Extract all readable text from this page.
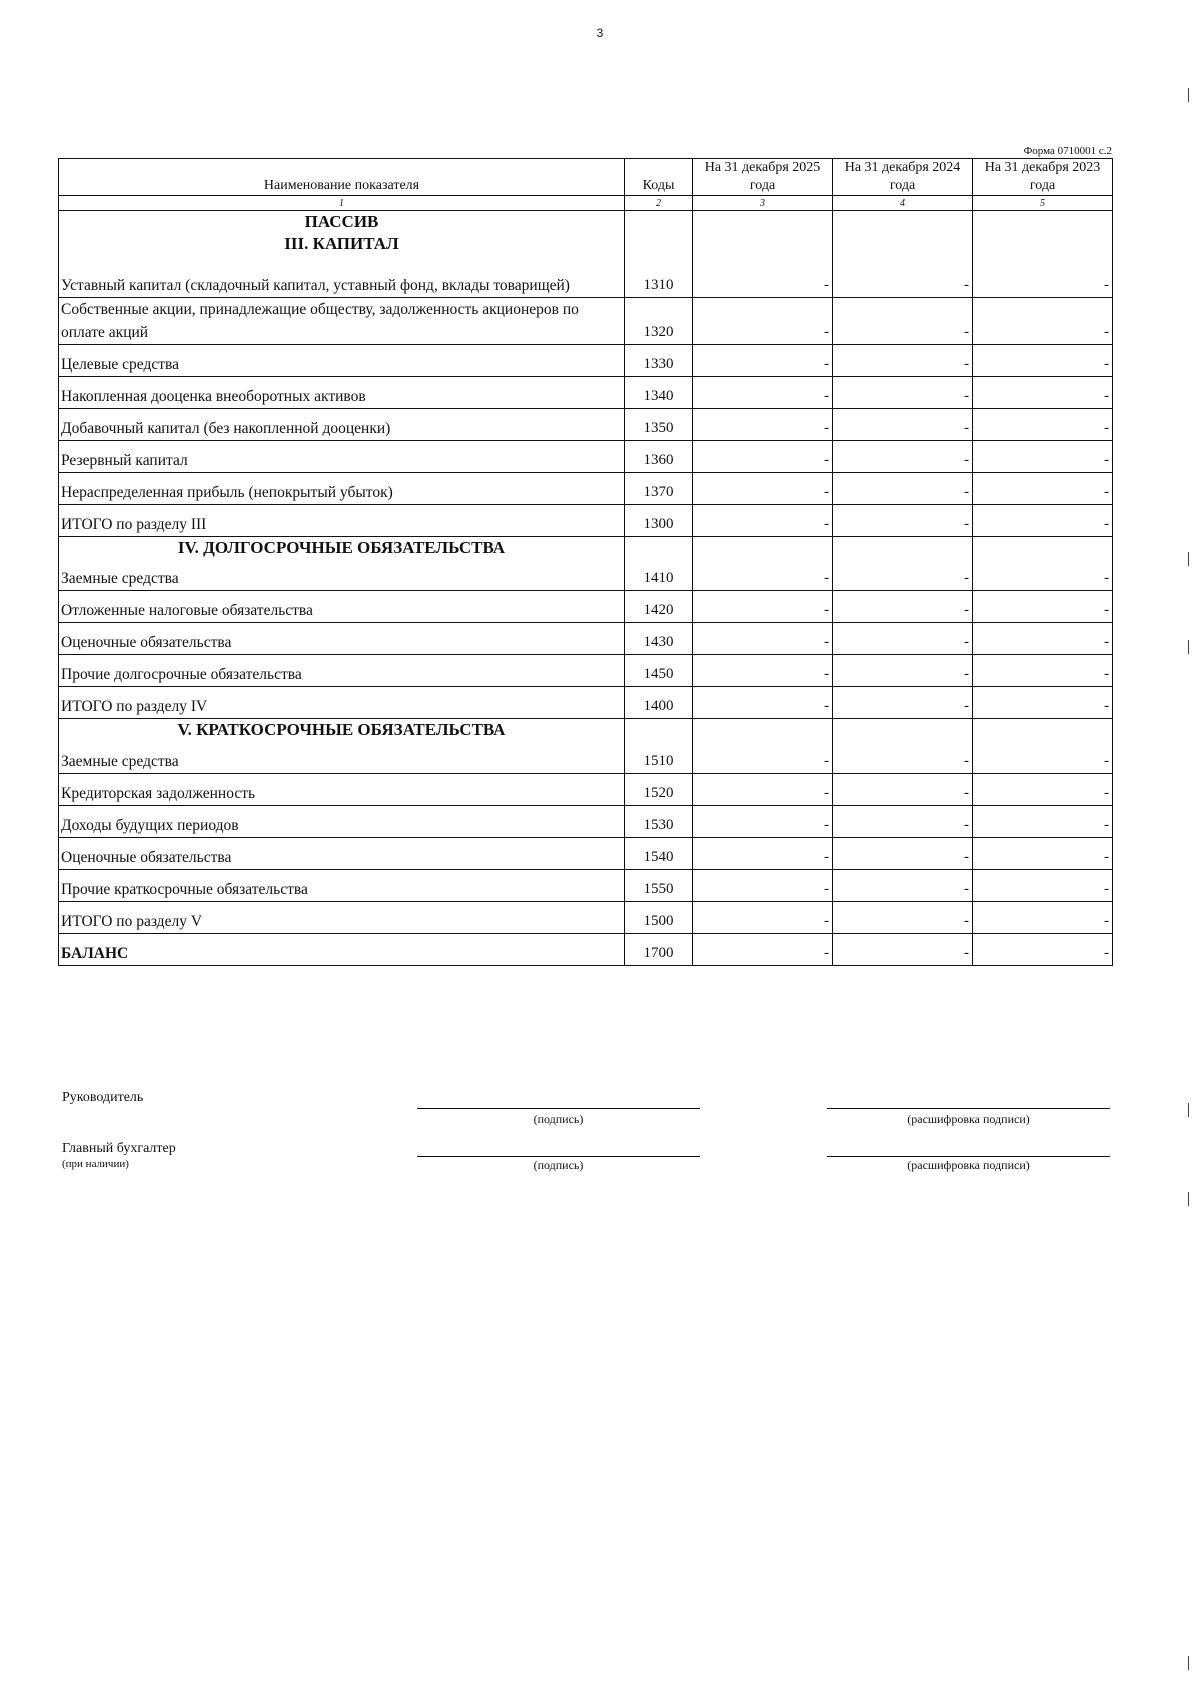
3
Форма 0710001 с.2
Наименование показателя	Коды	На 31 декабря 2025 года	На 31 декабря 2024 года	На 31 декабря 2023 года
1	2	3	4	5

ПАССИВ
III. КАПИТАЛ				

Уставный капитал (складочный капитал, уставный фонд, вклады товарищей)	1310	-	-	-
Собственные акции, принадлежащие обществу, задолженность акционеров по оплате акций	1320	-	-	-
Целевые средства	1330	-	-	-
Накопленная дооценка внеоборотных активов	1340	-	-	-
Добавочный капитал (без накопленной дооценки)	1350	-	-	-
Резервный капитал	1360	-	-	-
Нераспределенная прибыль (непокрытый убыток)	1370	-	-	-
ИТОГО по разделу III	1300	-	-	-

IV. ДОЛГОСРОЧНЫЕ ОБЯЗАТЕЛЬСТВА				

Заемные средства	1410	-	-	-
Отложенные налоговые обязательства	1420	-	-	-
Оценочные обязательства	1430	-	-	-
Прочие долгосрочные обязательства	1450	-	-	-
ИТОГО по разделу IV	1400	-	-	-

V. КРАТКОСРОЧНЫЕ ОБЯЗАТЕЛЬСТВА				

Заемные средства	1510	-	-	-
Кредиторская задолженность	1520	-	-	-
Доходы будущих периодов	1530	-	-	-
Оценочные обязательства	1540	-	-	-
Прочие краткосрочные обязательства	1550	-	-	-
ИТОГО по разделу V	1500	-	-	-
БАЛАНС	1700	-	-	-
Руководитель
(подпись)	(расшифровка подписи)
Главный бухгалтер
(при наличии)	(подпись)	(расшифровка подписи)
